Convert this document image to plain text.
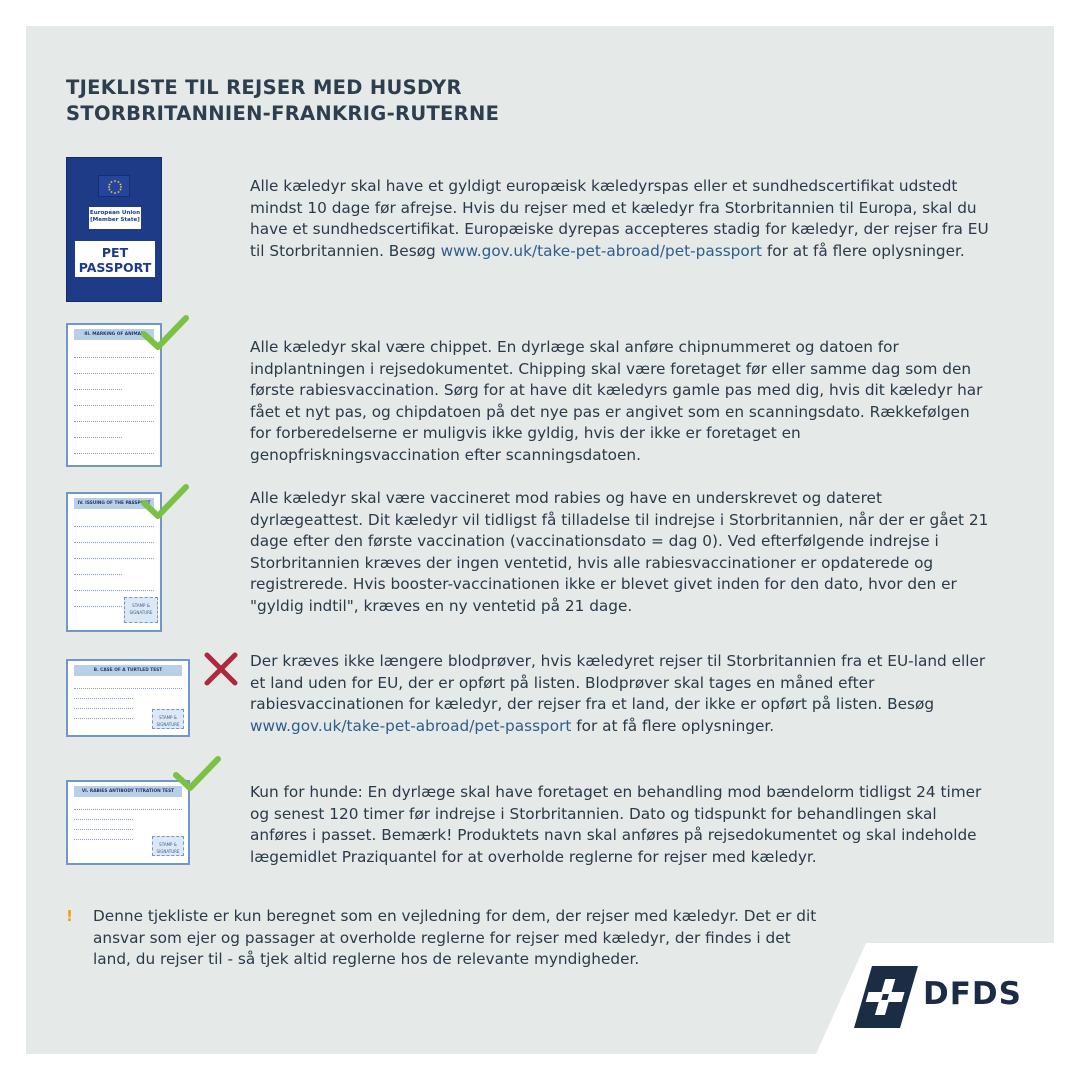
TJEKLISTE TIL REJSER MED HUSDYR
STORBRITANNIEN-FRANKRIG-RUTERNE
European Union
[Member State]
PET
PASSPORT

Alle kæledyr skal have et gyldigt europæisk kæledyrspas eller et sundhedscertifikat udstedt mindst 10 dage før afrejse. Hvis du rejser med et kæledyr fra Storbritannien til Europa, skal du have et sundhedscertifikat. Europæiske dyrepas accepteres stadig for kæledyr, der rejser fra EU til Storbritannien. Besøg www.gov.uk/take-pet-abroad/pet-passport for at få flere oplysninger.

III. MARKING OF ANIMAL

Alle kæledyr skal være chippet. En dyrlæge skal anføre chipnummeret og datoen for indplantningen i rejsedokumentet. Chipping skal være foretaget før eller samme dag som den første rabiesvaccination. Sørg for at have dit kæledyrs gamle pas med dig, hvis dit kæledyr har fået et nyt pas, og chipdatoen på det nye pas er angivet som en scanningsdato. Rækkefølgen for forberedelserne er muligvis ikke gyldig, hvis der ikke er foretaget en genopfriskningsvaccination efter scanningsdatoen.

IV. ISSUING OF THE PASSPORT
STAMP & SIGNATURE

Alle kæledyr skal være vaccineret mod rabies og have en underskrevet og dateret dyrlægeattest. Dit kæledyr vil tidligst få tilladelse til indrejse i Storbritannien, når der er gået 21 dage efter den første vaccination (vaccinationsdato = dag 0). Ved efterfølgende indrejse i Storbritannien kræves der ingen ventetid, hvis alle rabiesvaccinationer er opdaterede og registrerede. Hvis booster-vaccinationen ikke er blevet givet inden for den dato, hvor den er "gyldig indtil", kræves en ny ventetid på 21 dage.

B. CASE OF A TURTLED TEST
STAMP & SIGNATURE

Der kræves ikke længere blodprøver, hvis kæledyret rejser til Storbritannien fra et EU-land eller et land uden for EU, der er opført på listen. Blodprøver skal tages en måned efter rabiesvaccinationen for kæledyr, der rejser fra et land, der ikke er opført på listen. Besøg www.gov.uk/take-pet-abroad/pet-passport for at få flere oplysninger.

VI. RABIES ANTIBODY TITRATION TEST
STAMP & SIGNATURE

Kun for hunde: En dyrlæge skal have foretaget en behandling mod bændelorm tidligst 24 timer og senest 120 timer før indrejse i Storbritannien. Dato og tidspunkt for behandlingen skal anføres i passet. Bemærk! Produktets navn skal anføres på rejsedokumentet og skal indeholde lægemidlet Praziquantel for at overholde reglerne for rejser med kæledyr.

!	Denne tjekliste er kun beregnet som en vejledning for dem, der rejser med kæledyr. Det er dit ansvar som ejer og passager at overholde reglerne for rejser med kæledyr, der findes i det land, du rejser til - så tjek altid reglerne hos de relevante myndigheder.
DFDS
